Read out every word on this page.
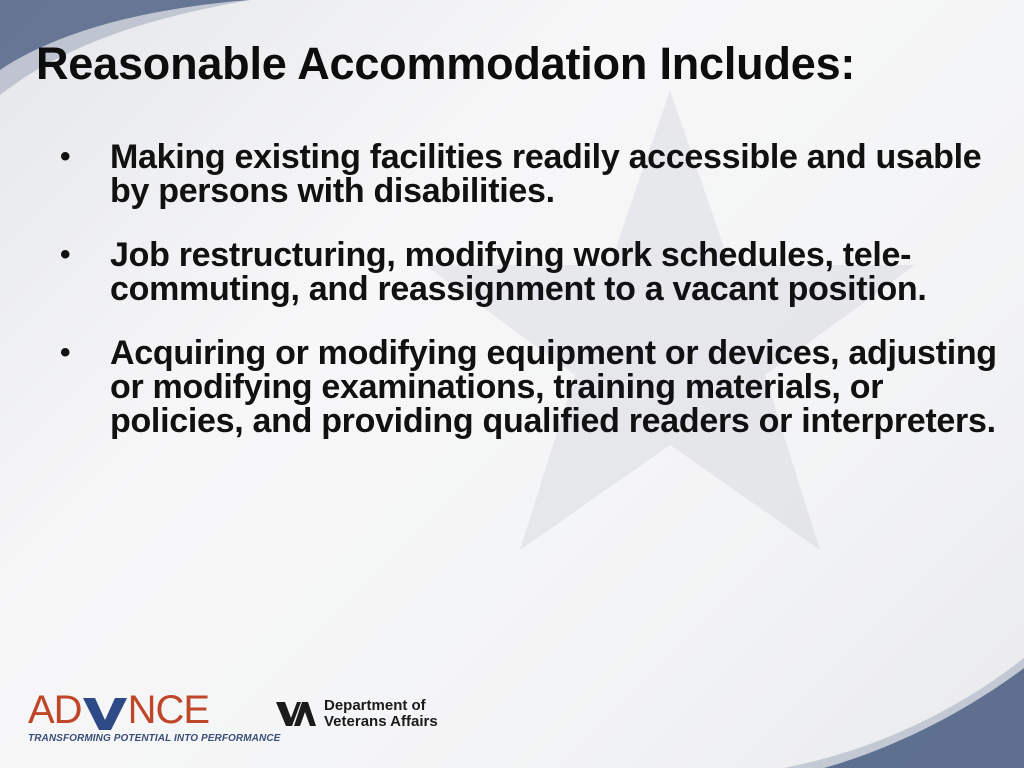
Reasonable Accommodation Includes:
• Making existing facilities readily accessible and usable by persons with disabilities.
• Job restructuring, modifying work schedules, tele-commuting, and reassignment to a vacant position.
• Acquiring or modifying equipment or devices, adjusting or modifying examinations, training materials, or policies, and providing qualified readers or interpreters.
AD NCE
TRANSFORMING POTENTIAL INTO PERFORMANCE
Department of
Veterans Affairs
